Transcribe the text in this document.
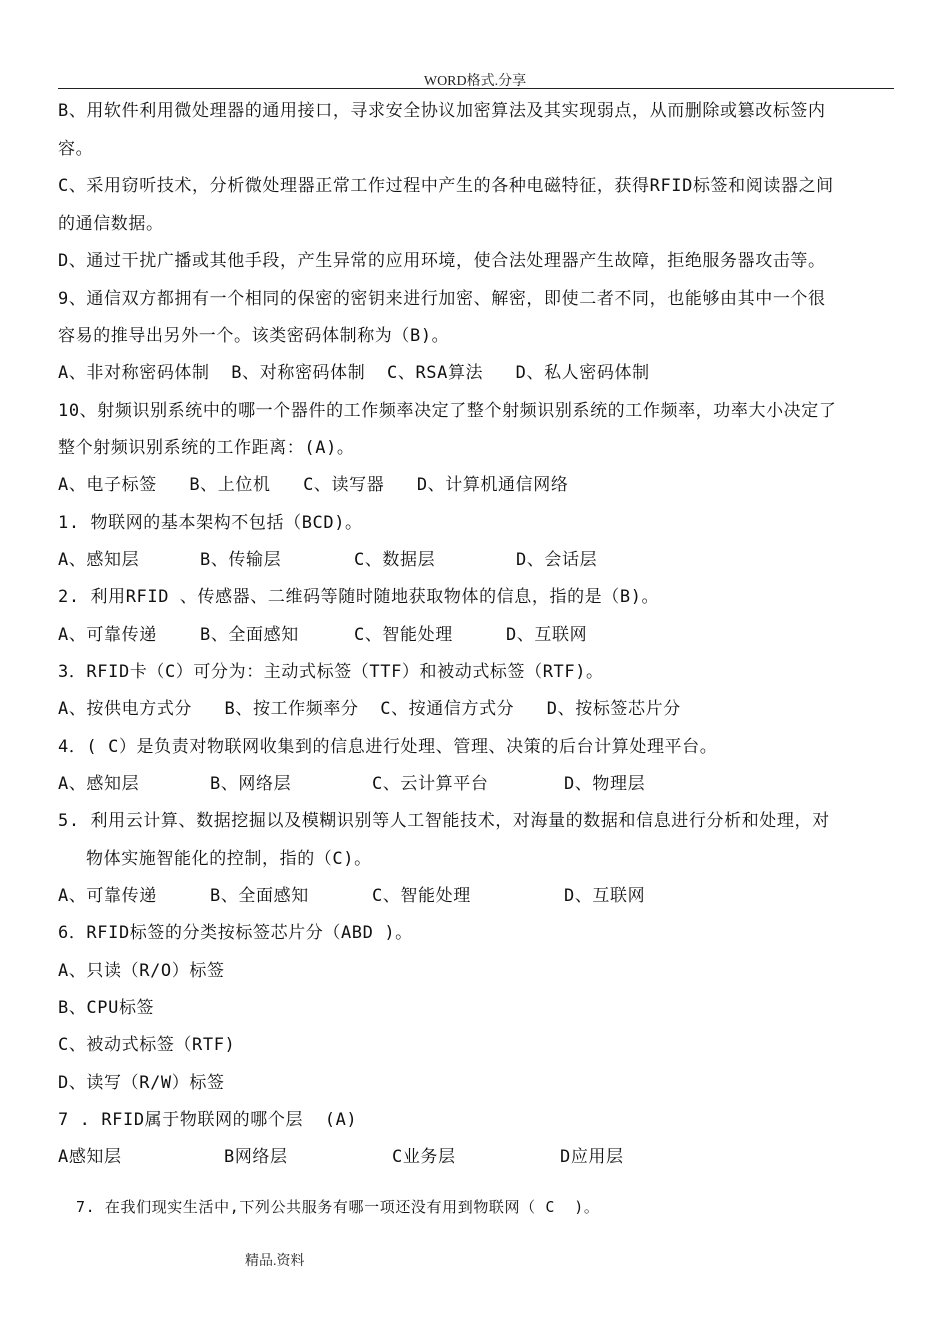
WORD格式.分享
B、用软件利用微处理器的通用接口，寻求安全协议加密算法及其实现弱点，从而删除或篡改标签内
容。
C、采用窃听技术，分析微处理器正常工作过程中产生的各种电磁特征，获得RFID标签和阅读器之间
的通信数据。
D、通过干扰广播或其他手段，产生异常的应用环境，使合法处理器产生故障，拒绝服务器攻击等。
9、通信双方都拥有一个相同的保密的密钥来进行加密、解密，即使二者不同，也能够由其中一个很
容易的推导出另外一个。该类密码体制称为（B)。
A、非对称密码体制  B、对称密码体制  C、RSA算法   D、私人密码体制
10、射频识别系统中的哪一个器件的工作频率决定了整个射频识别系统的工作频率，功率大小决定了
整个射频识别系统的工作距离：(A)。
A、电子标签   B、上位机   C、读写器   D、计算机通信网络
1. 物联网的基本架构不包括（BCD)。

A、感知层

	B、传输层

	C、数据层

	D、会话层

2. 利用RFID 、传感器、二维码等随时随地获取物体的信息，指的是（B)。

A、可靠传递

	B、全面感知

	C、智能处理

	D、互联网

3．RFID卡（C）可分为：主动式标签（TTF）和被动式标签（RTF)。
A、按供电方式分   B、按工作频率分  C、按通信方式分   D、按标签芯片分
4．( C）是负责对物联网收集到的信息进行处理、管理、决策的后台计算处理平台。

A、感知层

	B、网络层

	C、云计算平台

	D、物理层

5. 利用云计算、数据挖掘以及模糊识别等人工智能技术，对海量的数据和信息进行分析和处理，对
物体实施智能化的控制，指的（C)。

A、可靠传递

	B、全面感知

	C、智能处理

	D、互联网

6．RFID标签的分类按标签芯片分（ABD )。
A、只读（R/O）标签
B、CPU标签
C、被动式标签（RTF)
D、读写（R/W）标签
7 . RFID属于物联网的哪个层  (A)

A感知层

	B网络层

	C业务层

	D应用层

7. 在我们现实生活中,下列公共服务有哪一项还没有用到物联网（ C  )。
精品.资料
